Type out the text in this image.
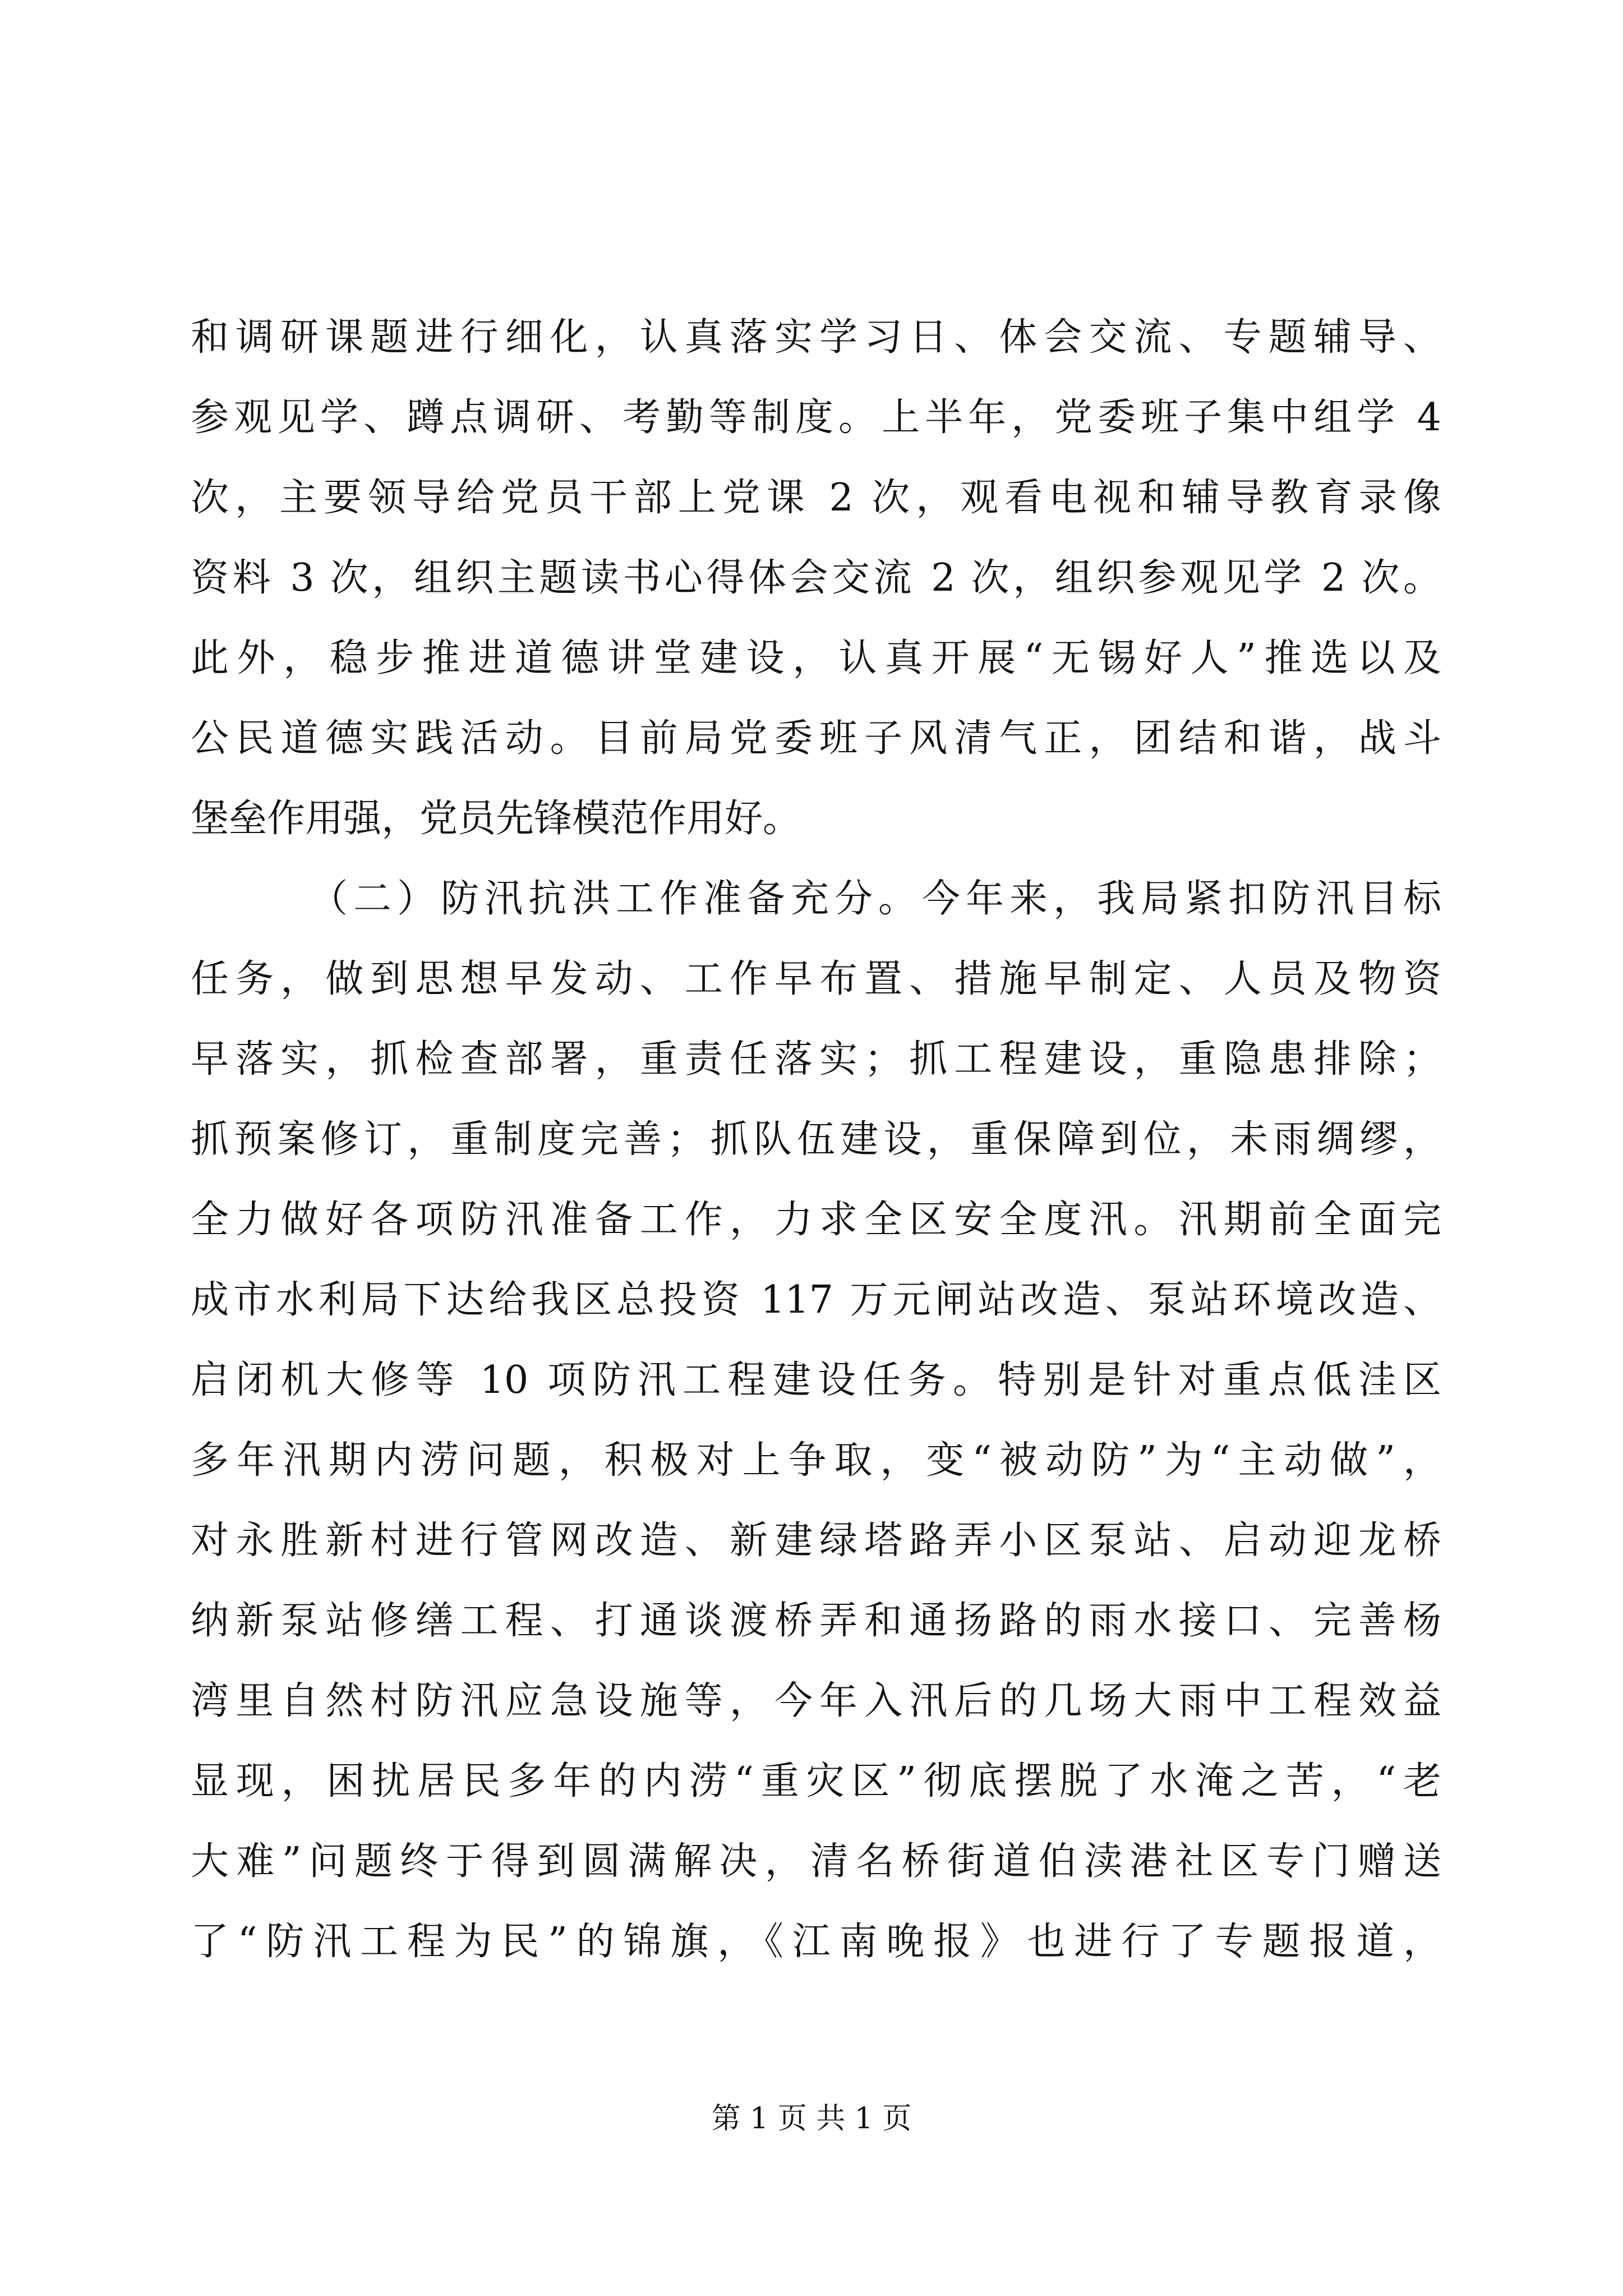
和调研课题进行细化，认真落实学习日、体会交流、专题辅导、
参观见学、蹲点调研、考勤等制度。上半年，党委班子集中组学 4
次，主要领导给党员干部上党课 2 次，观看电视和辅导教育录像
资料 3 次，组织主题读书心得体会交流 2 次，组织参观见学 2 次。
此外，稳步推进道德讲堂建设，认真开展“无锡好人”推选以及
公民道德实践活动。目前局党委班子风清气正，团结和谐，战斗
堡垒作用强，党员先锋模范作用好。
（二）防汛抗洪工作准备充分。今年来，我局紧扣防汛目标
任务，做到思想早发动、工作早布置、措施早制定、人员及物资
早落实，抓检查部署，重责任落实；抓工程建设，重隐患排除；
抓预案修订，重制度完善；抓队伍建设，重保障到位，未雨绸缪，
全力做好各项防汛准备工作，力求全区安全度汛。汛期前全面完
成市水利局下达给我区总投资 117 万元闸站改造、泵站环境改造、
启闭机大修等 10 项防汛工程建设任务。特别是针对重点低洼区
多年汛期内涝问题，积极对上争取，变“被动防”为“主动做”，
对永胜新村进行管网改造、新建绿塔路弄小区泵站、启动迎龙桥
纳新泵站修缮工程、打通谈渡桥弄和通扬路的雨水接口、完善杨
湾里自然村防汛应急设施等，今年入汛后的几场大雨中工程效益
显现，困扰居民多年的内涝“重灾区”彻底摆脱了水淹之苦，“老
大难”问题终于得到圆满解决，清名桥街道伯渎港社区专门赠送
了“防汛工程为民”的锦旗，《江南晚报》也进行了专题报道，
第 1 页 共 1 页
